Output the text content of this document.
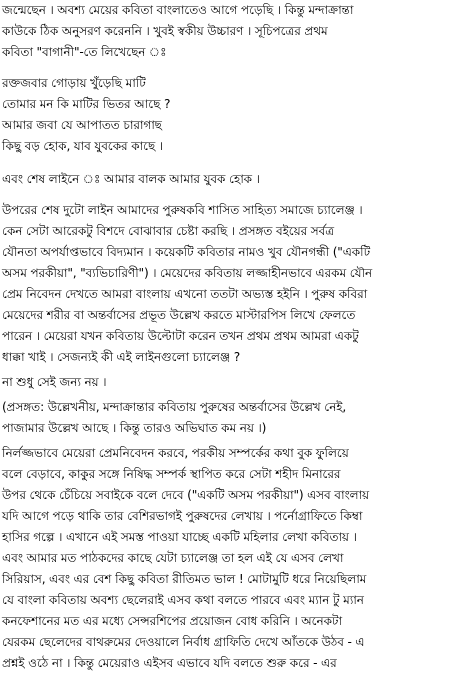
জন্মেছেন । অবশ্য মেয়ের কবিতা বাংলাতেও আগে পড়েছি । কিন্তু মন্দাক্রান্তা
কাউকে ঠিক অনুসরণ করেননি । খুবই স্বকীয় উচ্চারণ । সূচিপত্রের প্রথম
কবিতা "বাগানী"-তে লিখেছেন ঃ
রক্তজবার গোড়ায় খুঁড়েছি মাটি
তোমার মন কি মাটির ভিতর আছে ?
আমার জবা যে আপাতত চারাগাছ
কিছু বড় হোক, যাব যুবকের কাছে ।
এবং শেষ লাইনে ঃ আমার বালক আমার যুবক হোক ।
উপরের শেষ দুটো লাইন আমাদের পুরুষকবি শাসিত সাহিত্য সমাজে চ্যালেঞ্জ ।
কেন সেটা আরেকটু বিশদে বোঝাবার চেষ্টা করছি । প্রসঙ্গত বইয়ের সর্বত্র
যৌনতা অপর্যাপ্তভাবে বিদ্যমান । কয়েকটি কবিতার নামও খুব যৌনগন্ধী ("একটি
অসম পরকীয়া", "ব্যভিচারিণী") । মেয়েদের কবিতায় লজ্জাহীনভাবে এরকম যৌন
প্রেম নিবেদন দেখতে আমরা বাংলায় এখনো ততটা অভ্যস্ত হইনি । পুরুষ কবিরা
মেয়েদের শরীর বা অন্তর্বাসের প্রভূত উল্লেখ করতে মাস্টারপিস লিখে ফেলতে
পারেন । মেয়েরা যখন কবিতায় উল্টোটা করেন তখন প্রথম প্রথম আমরা একটু
ধাক্কা খাই । সেজন্যই কী এই লাইনগুলো চ্যালেঞ্জ ?
না শুধু সেই জন্য নয় ।
(প্রসঙ্গত: উল্লেখনীয়, মন্দাক্রান্তার কবিতায় পুরুষের অন্তর্বাসের উল্লেখ নেই,
পাজামার উল্লেখ আছে । কিন্তু তারও অভিঘাত কম নয় ।)
নির্লজ্জভাবে মেয়েরা প্রেমনিবেদন করবে, পরকীয় সম্পর্কের কথা বুক ফুলিয়ে
বলে বেড়াবে, কাকুর সঙ্গে নিষিদ্ধ সম্পর্ক স্থাপিত করে সেটা শহীদ মিনারের
উপর থেকে চেঁচিয়ে সবাইকে বলে দেবে ("একটি অসম পরকীয়া") এসব বাংলায়
যদি আগে পড়ে থাকি তার বেশিরভাগই পুরুষদের লেখায় । পর্নোগ্রাফিতে কিম্বা
হাসির গল্পে । এখানে এই সমস্ত পাওয়া যাচ্ছে একটি মহিলার লেখা কবিতায় ।
এবং আমার মত পাঠকদের কাছে যেটা চ্যালেঞ্জ তা হল এই যে এসব লেখা
সিরিয়াস, এবং এর বেশ কিছু কবিতা রীতিমত ভাল ! মোটামুটি ধরে নিয়েছিলাম
যে বাংলা কবিতায় অবশ্য ছেলেরাই এসব কথা বলতে পারবে এবং ম্যান টু ম্যান
কনফেশানের মত এর মধ্যে সেন্সরশিপের প্রয়োজন বোধ করিনি । অনেকটা
যেরকম ছেলেদের বাথরুমের দেওয়ালে নির্বাধ গ্রাফিতি দেখে আঁতকে উঠব - এ
প্রশ্নই ওঠে না । কিন্তু মেয়েরাও এইসব এভাবে যদি বলতে শুরু করে - এর
